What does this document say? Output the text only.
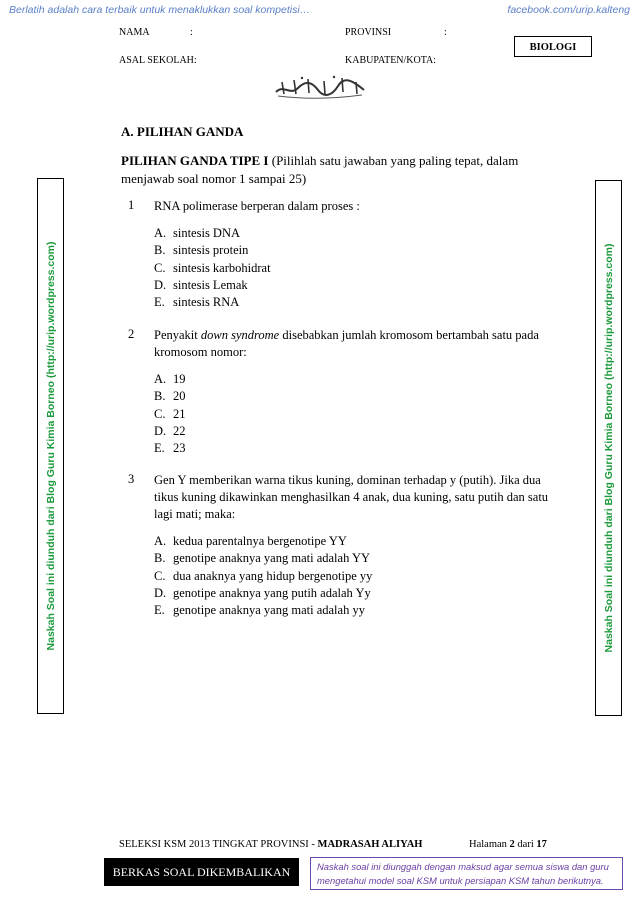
Berlatih adalah cara terbaik untuk menaklukkan soal kompetisi…	facebook.com/urip.kalteng
NAMA	:	PROVINSI	:
ASAL SEKOLAH:	KABUPATEN/KOTA:
BIOLOGI
Naskah Soal ini diunduh dari Blog Guru Kimia Borneo (http://urip.wordpress.com)	Naskah Soal ini diunduh dari Blog Guru Kimia Borneo (http://urip.wordpress.com)
A. PILIHAN GANDA
PILIHAN GANDA TIPE I (Pilihlah satu jawaban yang paling tepat, dalam menjawab soal nomor 1 sampai 25)
1 RNA polimerase berperan dalam proses :
A. sintesis DNA
B. sintesis protein
C. sintesis karbohidrat
D. sintesis Lemak
E. sintesis RNA
2 Penyakit down syndrome disebabkan jumlah kromosom bertambah satu pada kromosom nomor:
A. 19
B. 20
C. 21
D. 22
E. 23
3 Gen Y memberikan warna tikus kuning, dominan terhadap y (putih). Jika dua tikus kuning dikawinkan menghasilkan 4 anak, dua kuning, satu putih dan satu lagi mati; maka:
A. kedua parentalnya bergenotipe YY
B. genotipe anaknya yang mati adalah YY
C. dua anaknya yang hidup bergenotipe yy
D. genotipe anaknya yang putih adalah Yy
E. genotipe anaknya yang mati adalah yy
SELEKSI KSM 2013 TINGKAT PROVINSI - MADRASAH ALIYAH	Halaman 2 dari 17
BERKAS SOAL DIKEMBALIKAN	Naskah soal ini diunggah dengan maksud agar semua siswa dan guru mengetahui model soal KSM untuk persiapan KSM tahun berikutnya.
